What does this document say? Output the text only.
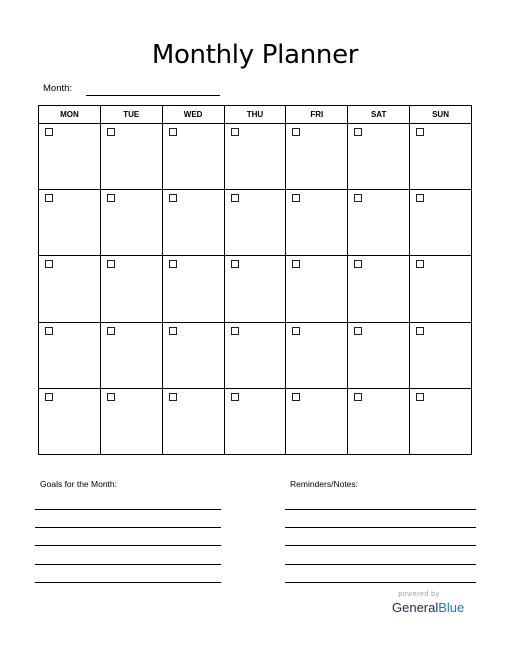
Monthly Planner
Month:
MON	TUE	WED	THU	FRI	SAT	SUN

Goals for the Month:	Reminders/Notes:
powered by
GeneralBlue
